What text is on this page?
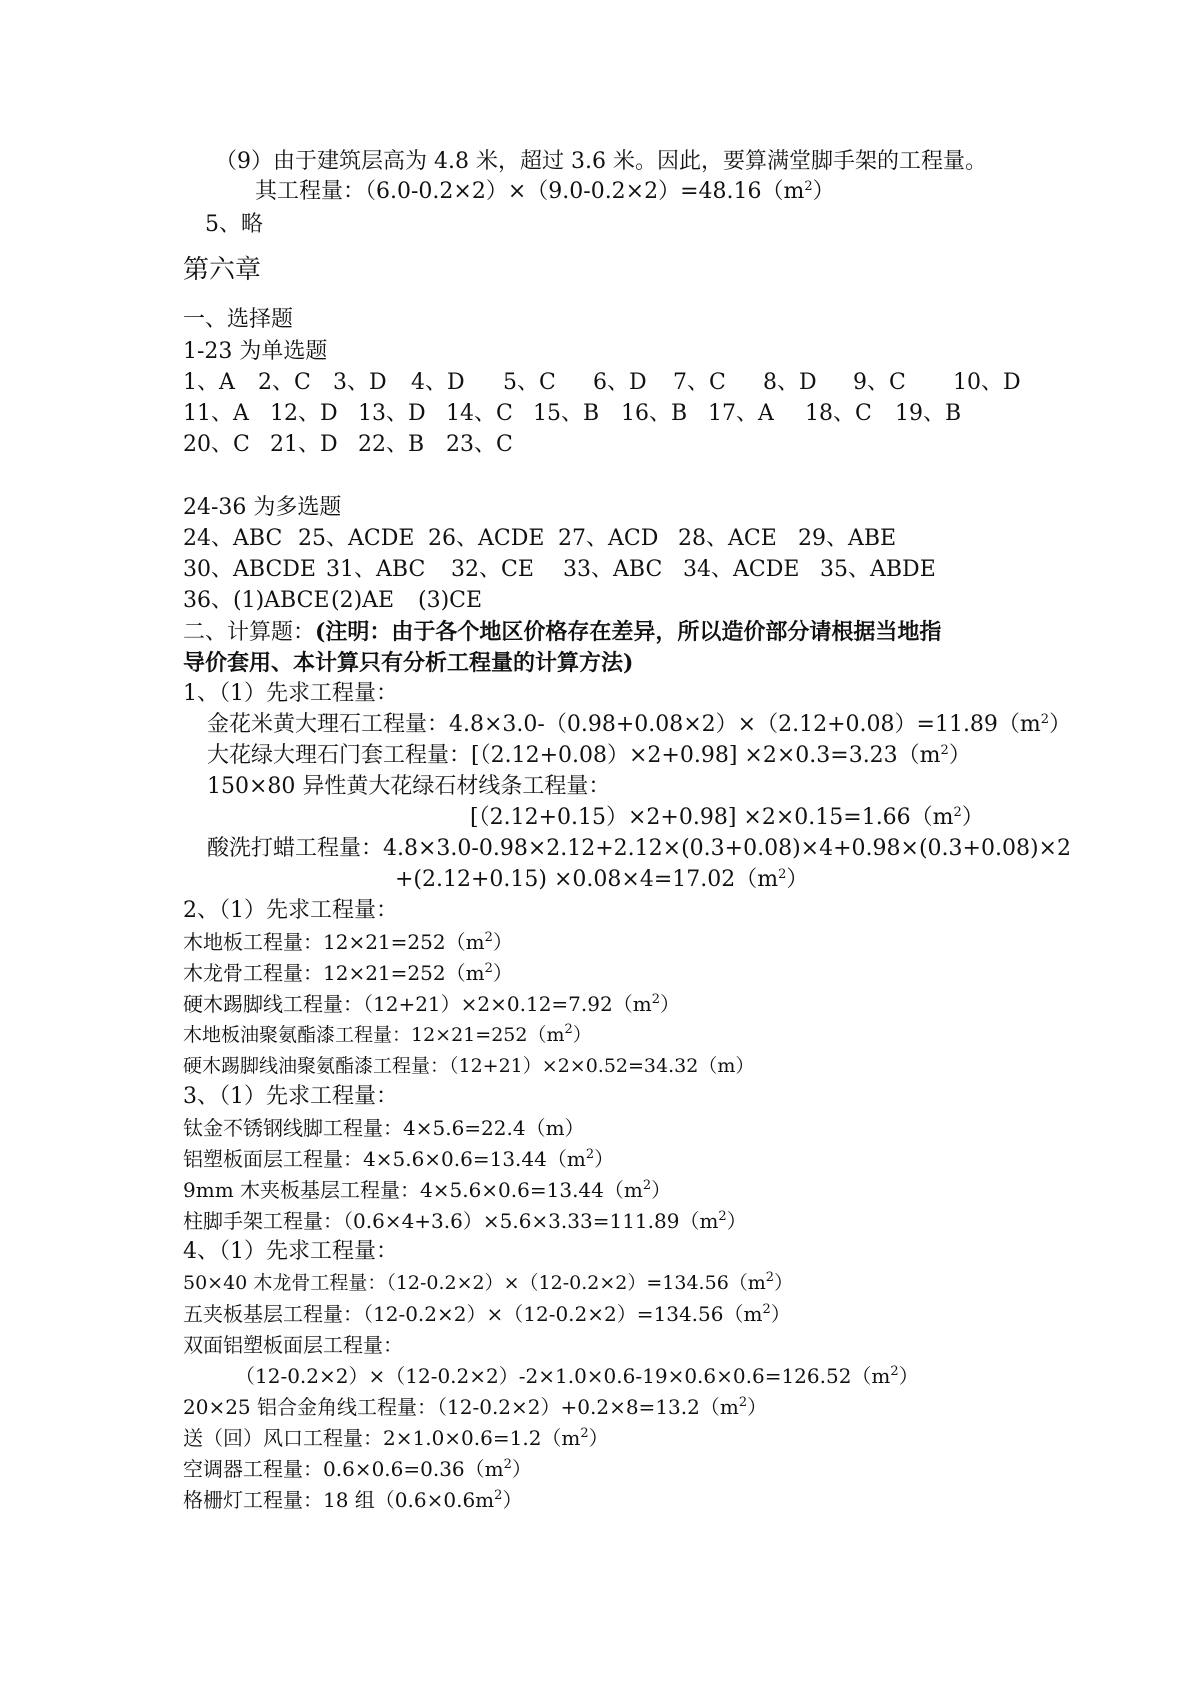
（9）由于建筑层高为 4.8 米，超过 3.6 米。因此，要算满堂脚手架的工程量。
其工程量：$(6.0-0.2\times 2)\times(9.0-0.2\times 2)=48.16(m^2)$
5、略
第六章
一、选择题
1-23 为单选题
1、A 2、C 3、D 4、D 5、C 6、D 7、C 8、D 9、C 10、D
11、A 12、D 13、D 14、C 15、B 16、B 17、A 18、C 19、B
20、C 21、D 22、B 23、C
24-36 为多选题
24、ABC 25、ACDE 26、ACDE 27、ACD 28、ACE 29、ABE
30、ABCDE 31、ABC 32、CE 33、ABC 34、ACDE 35、ABDE
36、(1)ABCE (2)AE (3)CE
二、计算题：(注明：由于各个地区价格存在差异，所以造价部分请根据当地指
导价套用、本计算只有分析工程量的计算方法)
1、（1）先求工程量：
金花米黄大理石工程量：$4.8\times 3.0-(0.98+0.08\times 2)\times(2.12+0.08)=11.89(m^2)$
大花绿大理石门套工程量：$[(2.12+0.08)\times 2+0.98] \times 2\times 0.3=3.23(m^2)$
150×80 异性黄大花绿石材线条工程量：
$[(2.12+0.15)\times 2+0.98] \times 2\times 0.15=1.66(m^2)$
酸洗打蜡工程量：4.8×3.0-0.98×2.12+2.12×(0.3+0.08)×4+0.98×(0.3+0.08)×2
$+(2.12+0.15) \times 0.08\times 4=17.02(m^2)$
2、（1）先求工程量：
木地板工程量：$12\times 21=252(m^2)$
木龙骨工程量：$12\times 21=252(m^2)$
硬木踢脚线工程量：$(12+21)\times 2\times 0.12=7.92(m^2)$
木地板油聚氨酯漆工程量：$12\times 21=252(m^2)$
硬木踢脚线油聚氨酯漆工程量：（12+21）×2×0.52=34.32（m）
3、（1）先求工程量：
钛金不锈钢线脚工程量：4×5.6=22.4（m）
铝塑板面层工程量：$4\times 5.6\times 0.6=13.44(m^2)$
9mm 木夹板基层工程量：$4\times 5.6\times 0.6=13.44(m^2)$
柱脚手架工程量：$(0.6\times 4+3.6)\times 5.6\times 3.33=111.89(m^2)$
4、（1）先求工程量：
50×40 木龙骨工程量：$(12-0.2\times 2)\times(12-0.2\times 2)=134.56(m^2)$
五夹板基层工程量：$(12-0.2\times 2)\times(12-0.2\times 2)=134.56(m^2)$
双面铝塑板面层工程量：
$(12-0.2\times 2)\times(12-0.2\times 2)-2\times 1.0\times 0.6-19\times 0.6\times 0.6=126.52(m^2)$
20×25 铝合金角线工程量：$(12-0.2\times 2)+0.2\times 8=13.2(m^2)$
送（回）风口工程量：$2\times 1.0\times 0.6=1.2(m^2)$
空调器工程量：$0.6\times 0.6=0.36(m^2)$
格栅灯工程量：18 组$(0.6\times 0.6m^2)$
